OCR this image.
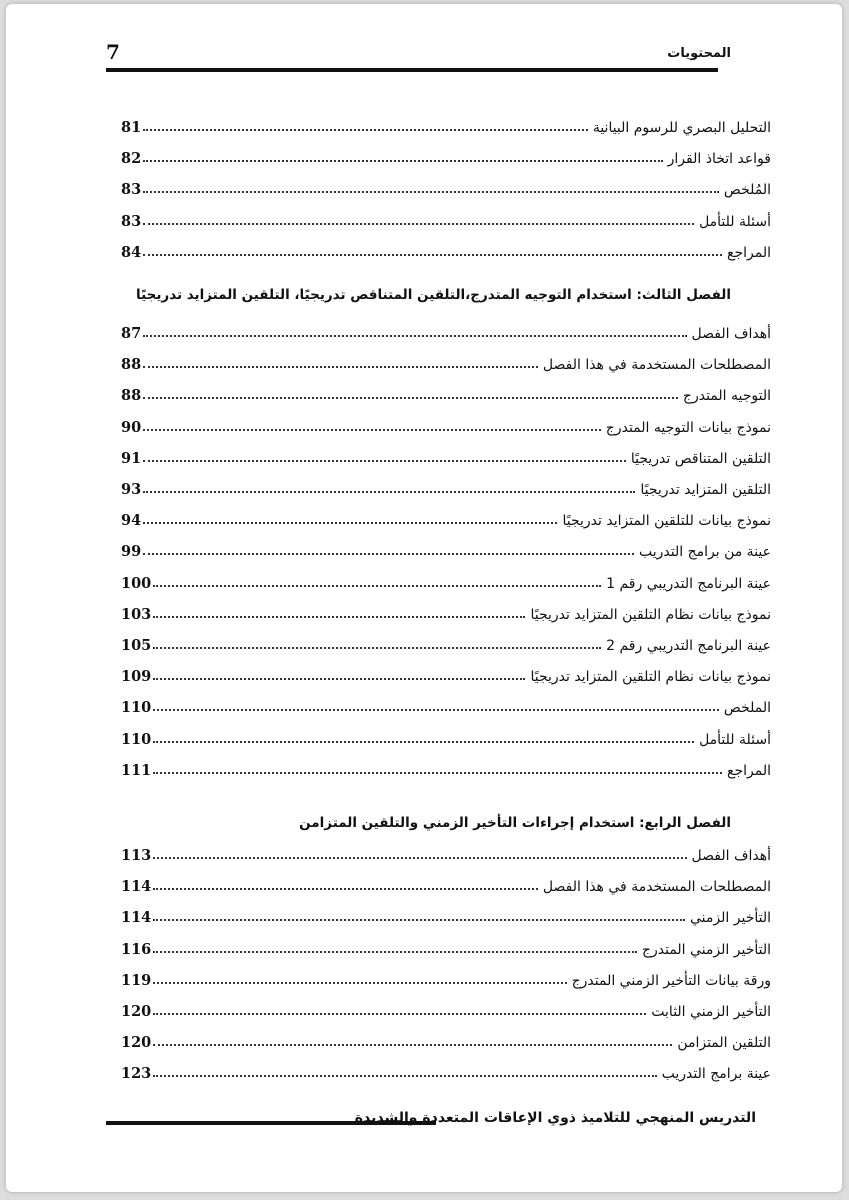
7	المحتويات
التحليل البصري للرسوم البيانية
81
قواعد اتخاذ القرار
82
المُلخص
83
أسئلة للتأمل
83
المراجع
84
الفصل الثالث: استخدام التوجيه المتدرج،التلقين المتناقص تدريجيًا، التلقين المتزايد تدريجيًا
أهداف الفصل
87
المصطلحات المستخدمة في هذا الفصل
88
التوجيه المتدرج
88
نموذج بيانات التوجيه المتدرج
90
التلقين المتناقص تدريجيًا
91
التلقين المتزايد تدريجيًا
93
نموذج بيانات للتلقين المتزايد تدريجيًا
94
عينة من برامج التدريب
99
عينة البرنامج التدريبي رقم 1
100
نموذج بيانات نظام التلقين المتزايد تدريجيًا
103
عينة البرنامج التدريبي رقم 2
105
نموذج بيانات نظام التلقين المتزايد تدريجيًا
109
الملخص
110
أسئلة للتأمل
110
المراجع
111
الفصل الرابع: استخدام إجراءات التأخير الزمني والتلقين المتزامن
أهداف الفصل
113
المصطلحات المستخدمة في هذا الفصل
114
التأخير الزمني
114
التأخير الزمني المتدرج
116
ورقة بيانات التأخير الزمني المتدرج
119
التأخير الزمني الثابت
120
التلقين المتزامن
120
عينة برامج التدريب
123
التدريس المنهجي للتلاميذ ذوي الإعاقات المتعددة والشديدة
